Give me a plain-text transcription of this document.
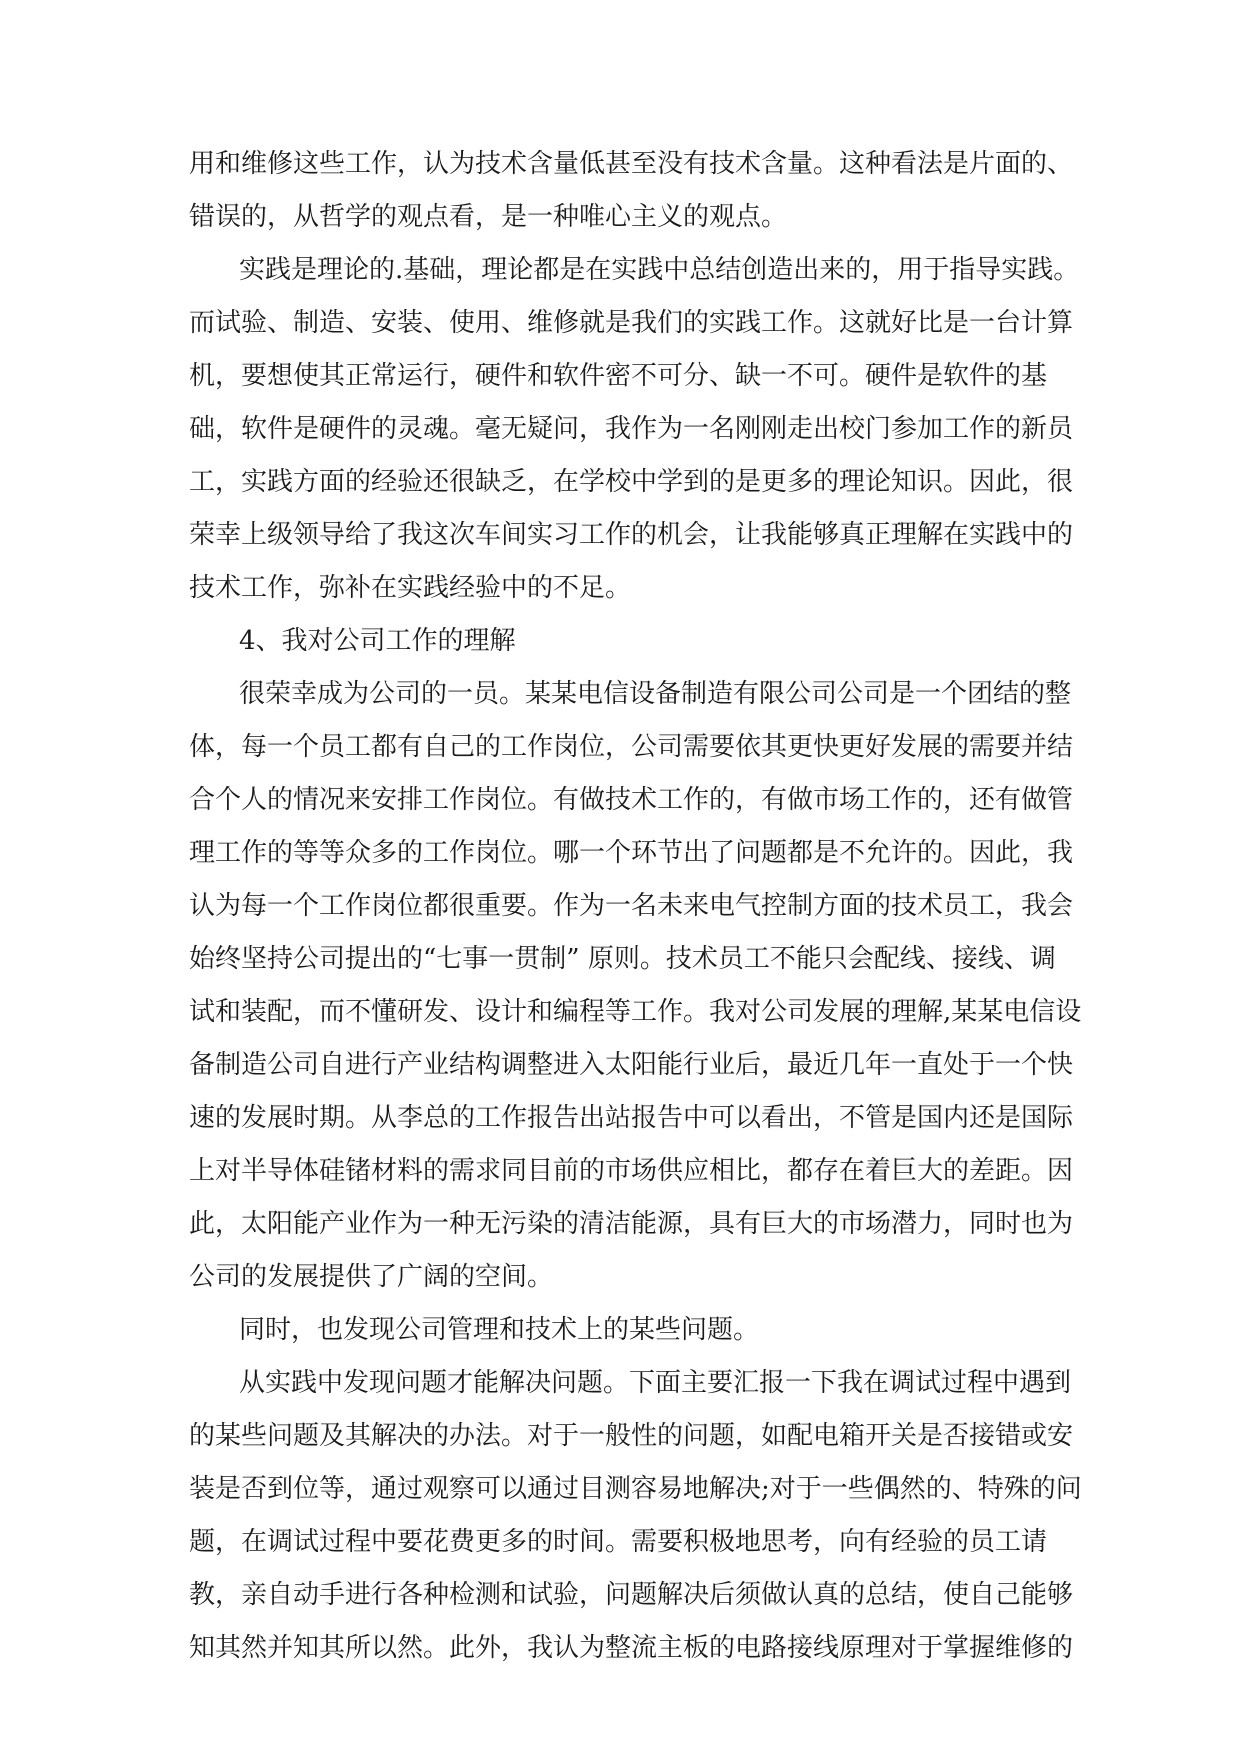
用和维修这些工作，认为技术含量低甚至没有技术含量。这种看法是片面的、
错误的，从哲学的观点看，是一种唯心主义的观点。
实践是理论的.基础，理论都是在实践中总结创造出来的，用于指导实践。
而试验、制造、安装、使用、维修就是我们的实践工作。这就好比是一台计算
机，要想使其正常运行，硬件和软件密不可分、缺一不可。硬件是软件的基
础，软件是硬件的灵魂。毫无疑问，我作为一名刚刚走出校门参加工作的新员
工，实践方面的经验还很缺乏，在学校中学到的是更多的理论知识。因此，很
荣幸上级领导给了我这次车间实习工作的机会，让我能够真正理解在实践中的
技术工作，弥补在实践经验中的不足。
4、我对公司工作的理解
很荣幸成为公司的一员。某某电信设备制造有限公司公司是一个团结的整
体，每一个员工都有自己的工作岗位，公司需要依其更快更好发展的需要并结
合个人的情况来安排工作岗位。有做技术工作的，有做市场工作的，还有做管
理工作的等等众多的工作岗位。哪一个环节出了问题都是不允许的。因此，我
认为每一个工作岗位都很重要。作为一名未来电气控制方面的技术员工，我会
始终坚持公司提出的“七事一贯制” 原则。技术员工不能只会配线、接线、调
试和装配，而不懂研发、设计和编程等工作。我对公司发展的理解,某某电信设
备制造公司自进行产业结构调整进入太阳能行业后，最近几年一直处于一个快
速的发展时期。从李总的工作报告出站报告中可以看出，不管是国内还是国际
上对半导体硅锗材料的需求同目前的市场供应相比，都存在着巨大的差距。因
此，太阳能产业作为一种无污染的清洁能源，具有巨大的市场潜力，同时也为
公司的发展提供了广阔的空间。
同时，也发现公司管理和技术上的某些问题。
从实践中发现问题才能解决问题。下面主要汇报一下我在调试过程中遇到
的某些问题及其解决的办法。对于一般性的问题，如配电箱开关是否接错或安
装是否到位等，通过观察可以通过目测容易地解决;对于一些偶然的、特殊的问
题，在调试过程中要花费更多的时间。需要积极地思考，向有经验的员工请
教，亲自动手进行各种检测和试验，问题解决后须做认真的总结，使自己能够
知其然并知其所以然。此外，我认为整流主板的电路接线原理对于掌握维修的
